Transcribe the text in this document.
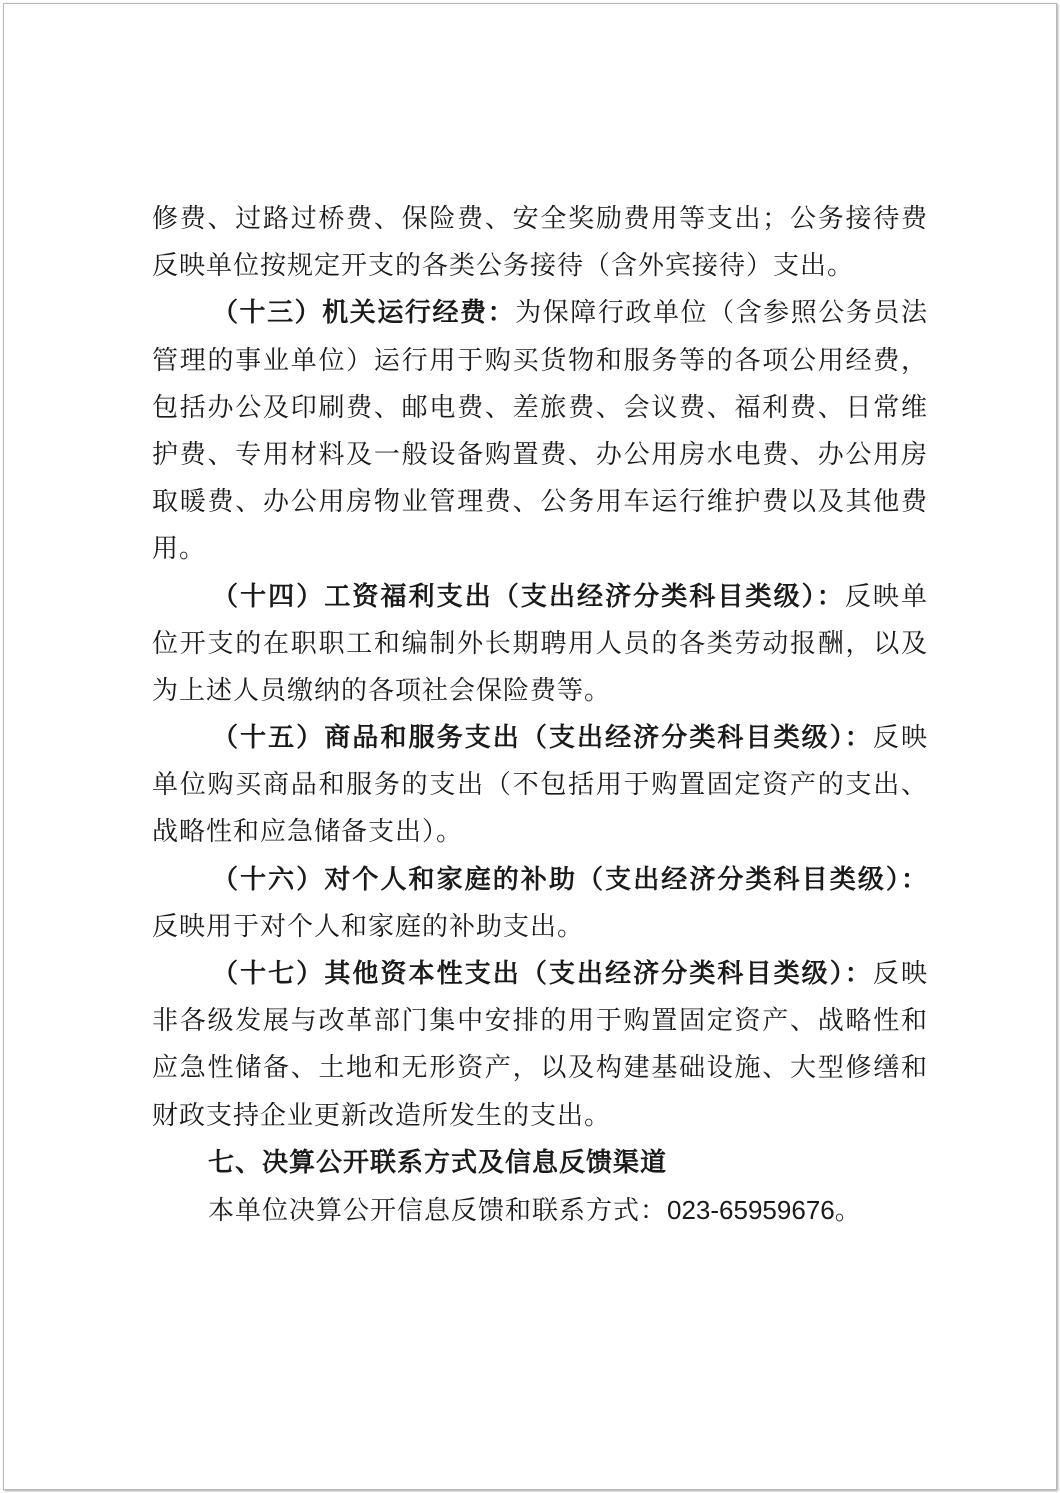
修费、过路过桥费、保险费、安全奖励费用等支出；公务接待费
反映单位按规定开支的各类公务接待（含外宾接待）支出。
（十三）机关运行经费：为保障行政单位（含参照公务员法
管理的事业单位）运行用于购买货物和服务等的各项公用经费，
包括办公及印刷费、邮电费、差旅费、会议费、福利费、日常维
护费、专用材料及一般设备购置费、办公用房水电费、办公用房
取暖费、办公用房物业管理费、公务用车运行维护费以及其他费
用。
（十四）工资福利支出（支出经济分类科目类级）：反映单
位开支的在职职工和编制外长期聘用人员的各类劳动报酬，以及
为上述人员缴纳的各项社会保险费等。
（十五）商品和服务支出（支出经济分类科目类级）：反映
单位购买商品和服务的支出（不包括用于购置固定资产的支出、
战略性和应急储备支出）。
（十六）对个人和家庭的补助（支出经济分类科目类级）：
反映用于对个人和家庭的补助支出。
（十七）其他资本性支出（支出经济分类科目类级）：反映
非各级发展与改革部门集中安排的用于购置固定资产、战略性和
应急性储备、土地和无形资产，以及构建基础设施、大型修缮和
财政支持企业更新改造所发生的支出。
七、决算公开联系方式及信息反馈渠道
本单位决算公开信息反馈和联系方式：023-65959676。
